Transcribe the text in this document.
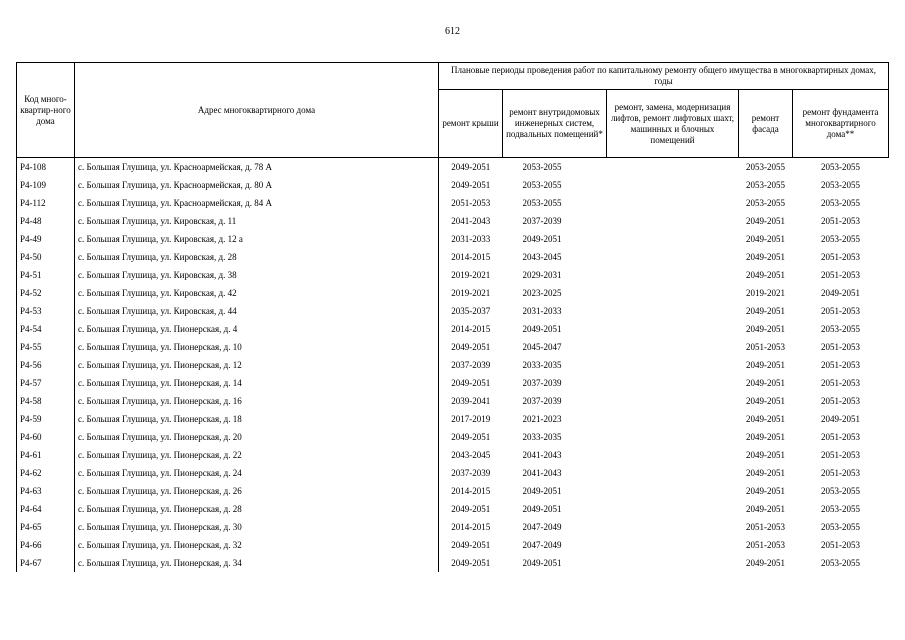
612
Код много-квартир-ного дома	Адрес многоквартирного дома	Плановые периоды проведения работ по капитальному ремонту общего имущества в многоквартирных домах, годы				
		ремонт крыши	ремонт внутридомовых инженерных систем, подвальных помещений*	ремонт, замена, модернизация лифтов, ремонт лифтовых шахт, машинных и блочных помещений	ремонт фасада	ремонт фундамента многоквартирного дома**
Р4-108	с. Большая Глушица, ул. Красноармейская, д. 78 А	2049-2051	2053-2055		2053-2055	2053-2055
Р4-109	с. Большая Глушица, ул. Красноармейская, д. 80 А	2049-2051	2053-2055		2053-2055	2053-2055
Р4-112	с. Большая Глушица, ул. Красноармейская, д. 84 А	2051-2053	2053-2055		2053-2055	2053-2055
Р4-48	с. Большая Глушица, ул. Кировская, д. 11	2041-2043	2037-2039		2049-2051	2051-2053
Р4-49	с. Большая Глушица, ул. Кировская, д. 12 а	2031-2033	2049-2051		2049-2051	2053-2055
Р4-50	с. Большая Глушица, ул. Кировская, д. 28	2014-2015	2043-2045		2049-2051	2051-2053
Р4-51	с. Большая Глушица, ул. Кировская, д. 38	2019-2021	2029-2031		2049-2051	2051-2053
Р4-52	с. Большая Глушица, ул. Кировская, д. 42	2019-2021	2023-2025		2019-2021	2049-2051
Р4-53	с. Большая Глушица, ул. Кировская, д. 44	2035-2037	2031-2033		2049-2051	2051-2053
Р4-54	с. Большая Глушица, ул. Пионерская, д. 4	2014-2015	2049-2051		2049-2051	2053-2055
Р4-55	с. Большая Глушица, ул. Пионерская, д. 10	2049-2051	2045-2047		2051-2053	2051-2053
Р4-56	с. Большая Глушица, ул. Пионерская, д. 12	2037-2039	2033-2035		2049-2051	2051-2053
Р4-57	с. Большая Глушица, ул. Пионерская, д. 14	2049-2051	2037-2039		2049-2051	2051-2053
Р4-58	с. Большая Глушица, ул. Пионерская, д. 16	2039-2041	2037-2039		2049-2051	2051-2053
Р4-59	с. Большая Глушица, ул. Пионерская, д. 18	2017-2019	2021-2023		2049-2051	2049-2051
Р4-60	с. Большая Глушица, ул. Пионерская, д. 20	2049-2051	2033-2035		2049-2051	2051-2053
Р4-61	с. Большая Глушица, ул. Пионерская, д. 22	2043-2045	2041-2043		2049-2051	2051-2053
Р4-62	с. Большая Глушица, ул. Пионерская, д. 24	2037-2039	2041-2043		2049-2051	2051-2053
Р4-63	с. Большая Глушица, ул. Пионерская, д. 26	2014-2015	2049-2051		2049-2051	2053-2055
Р4-64	с. Большая Глушица, ул. Пионерская, д. 28	2049-2051	2049-2051		2049-2051	2053-2055
Р4-65	с. Большая Глушица, ул. Пионерская, д. 30	2014-2015	2047-2049		2051-2053	2053-2055
Р4-66	с. Большая Глушица, ул. Пионерская, д. 32	2049-2051	2047-2049		2051-2053	2051-2053
Р4-67	с. Большая Глушица, ул. Пионерская, д. 34	2049-2051	2049-2051		2049-2051	2053-2055
